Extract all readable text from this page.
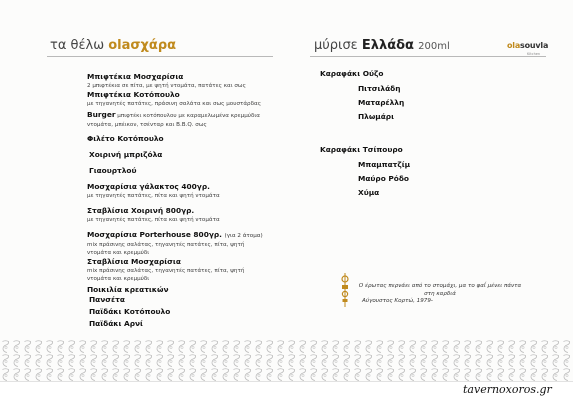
τα θέλω olaσχάρα	μύρισε Ελλάδα 200ml	olasouvla
Kitchen
Μπιφτέκια Μοσχαρίσια
2 μπιφτέκια σε πίτα, με ψητή ντομάτα, πατάτες και σως
Μπιφτέκια Κοτόπουλο
με τηγανητές πατάτες, πράσινη σαλάτα και σως μουστάρδας
Burger μπιφτέκι κοτόπουλου με καραμελωμένα κρεμμύδια ντομάτα, μπέικον, τσένταρ και B.B.Q. σως
Φιλέτο Κοτόπουλο
Χοιρινή μπριζόλα
Γιαουρτλού
Μοσχαρίσια γάλακτος 400γρ.
με τηγανητές πατάτες, πίτα και ψητή ντομάτα
Σταβλίσια Χοιρινή 800γρ.
με τηγανητές πατάτες, πίτα και ψητή ντομάτα
Μοσχαρίσια Porterhouse 800γρ. (για 2 άτομα)
mix πράσινης σαλάτας, τηγανητές πατάτες, πίτα, ψητή ντομάτα και κρεμμύδι
Σταβλίσια Μοσχαρίσια
mix πράσινης σαλάτας, τηγανητές πατάτες, πίτα, ψητή ντομάτα και κρεμμύδι
Ποικιλία κρεατικών
Πανσέτα
Παϊδάκι Κοτόπουλο
Παϊδάκι Αρνί
Καραφάκι Ούζο
Πιτσιλάδη
Ματαρέλλη
Πλωμάρι
Καραφάκι Τσίπουρο
Μπαμπατζίμ
Μαύρο Ρόδο
Χύμα
Ο έρωτας περνάει από το στομάχι, μα το φαΐ μένει πάντα στη καρδιά
Αύγουστος Κορτώ, 1979-
tavernoxoros.gr
